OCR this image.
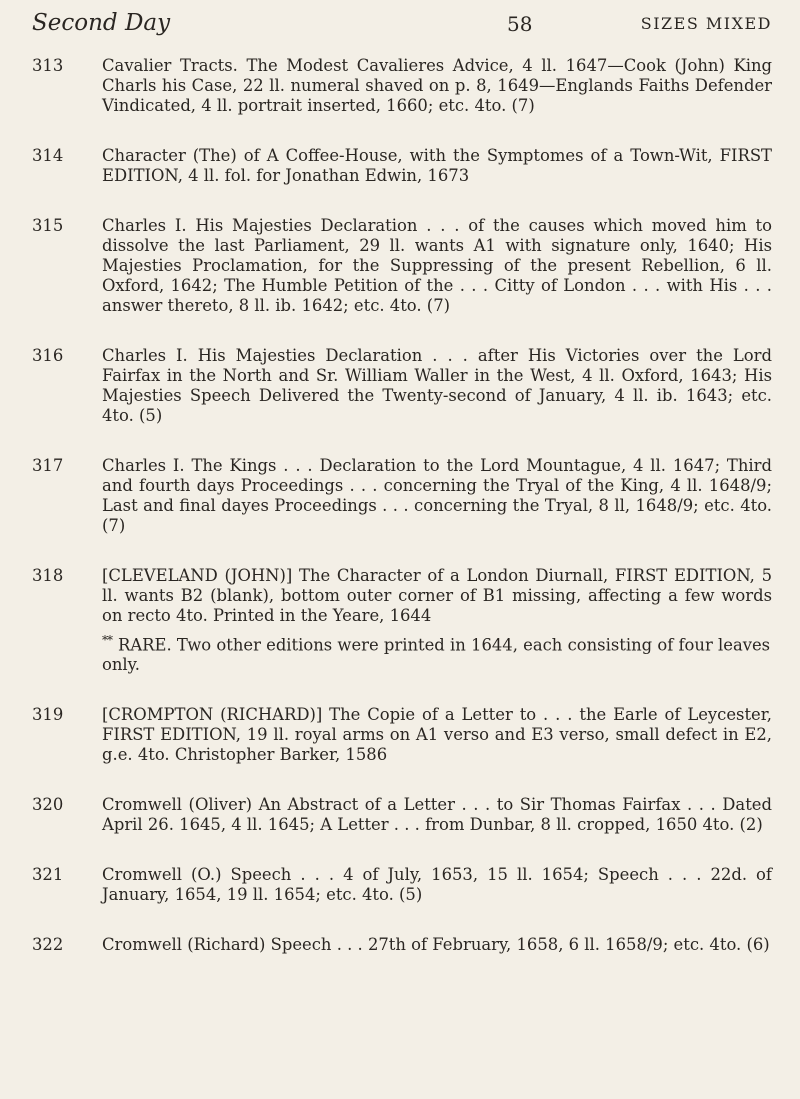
Second Day	58	SIZES MIXED
313 Cavalier Tracts. The Modest Cavalieres Advice, 4 ll. 1647—Cook (John) King Charls his Case, 22 ll. numeral shaved on p. 8, 1649—Englands Faiths Defender Vindicated, 4 ll. portrait inserted, 1660; etc. 4to. (7)
314 Character (The) of A Coffee-House, with the Symptomes of a Town-Wit, FIRST EDITION, 4 ll. fol. for Jonathan Edwin, 1673
315 Charles I. His Majesties Declaration . . . of the causes which moved him to dissolve the last Parliament, 29 ll. wants A1 with signature only, 1640; His Majesties Proclamation, for the Suppressing of the present Rebellion, 6 ll. Oxford, 1642; The Humble Petition of the . . . Citty of London . . . with His . . . answer thereto, 8 ll. ib. 1642; etc. 4to. (7)
316 Charles I. His Majesties Declaration . . . after His Victories over the Lord Fairfax in the North and Sr. William Waller in the West, 4 ll. Oxford, 1643; His Majesties Speech Delivered the Twenty-second of January, 4 ll. ib. 1643; etc. 4to. (5)
317 Charles I. The Kings . . . Declaration to the Lord Mountague, 4 ll. 1647; Third and fourth days Proceedings . . . concerning the Tryal of the King, 4 ll. 1648/9; Last and final dayes Proceedings . . . concerning the Tryal, 8 ll, 1648/9; etc. 4to. (7)
318 [CLEVELAND (JOHN)] The Character of a London Diurnall, FIRST EDITION, 5 ll. wants B2 (blank), bottom outer corner of B1 missing, affecting a few words on recto 4to. Printed in the Yeare, 1644
** RARE. Two other editions were printed in 1644, each consisting of four leaves only.
319 [CROMPTON (RICHARD)] The Copie of a Letter to . . . the Earle of Leycester, FIRST EDITION, 19 ll. royal arms on A1 verso and E3 verso, small defect in E2, g.e. 4to. Christopher Barker, 1586
320 Cromwell (Oliver) An Abstract of a Letter . . . to Sir Thomas Fairfax . . . Dated April 26. 1645, 4 ll. 1645; A Letter . . . from Dunbar, 8 ll. cropped, 1650 4to. (2)
321 Cromwell (O.) Speech . . . 4 of July, 1653, 15 ll. 1654; Speech . . . 22d. of January, 1654, 19 ll. 1654; etc. 4to. (5)
322 Cromwell (Richard) Speech . . . 27th of February, 1658, 6 ll. 1658/9; etc. 4to. (6)
